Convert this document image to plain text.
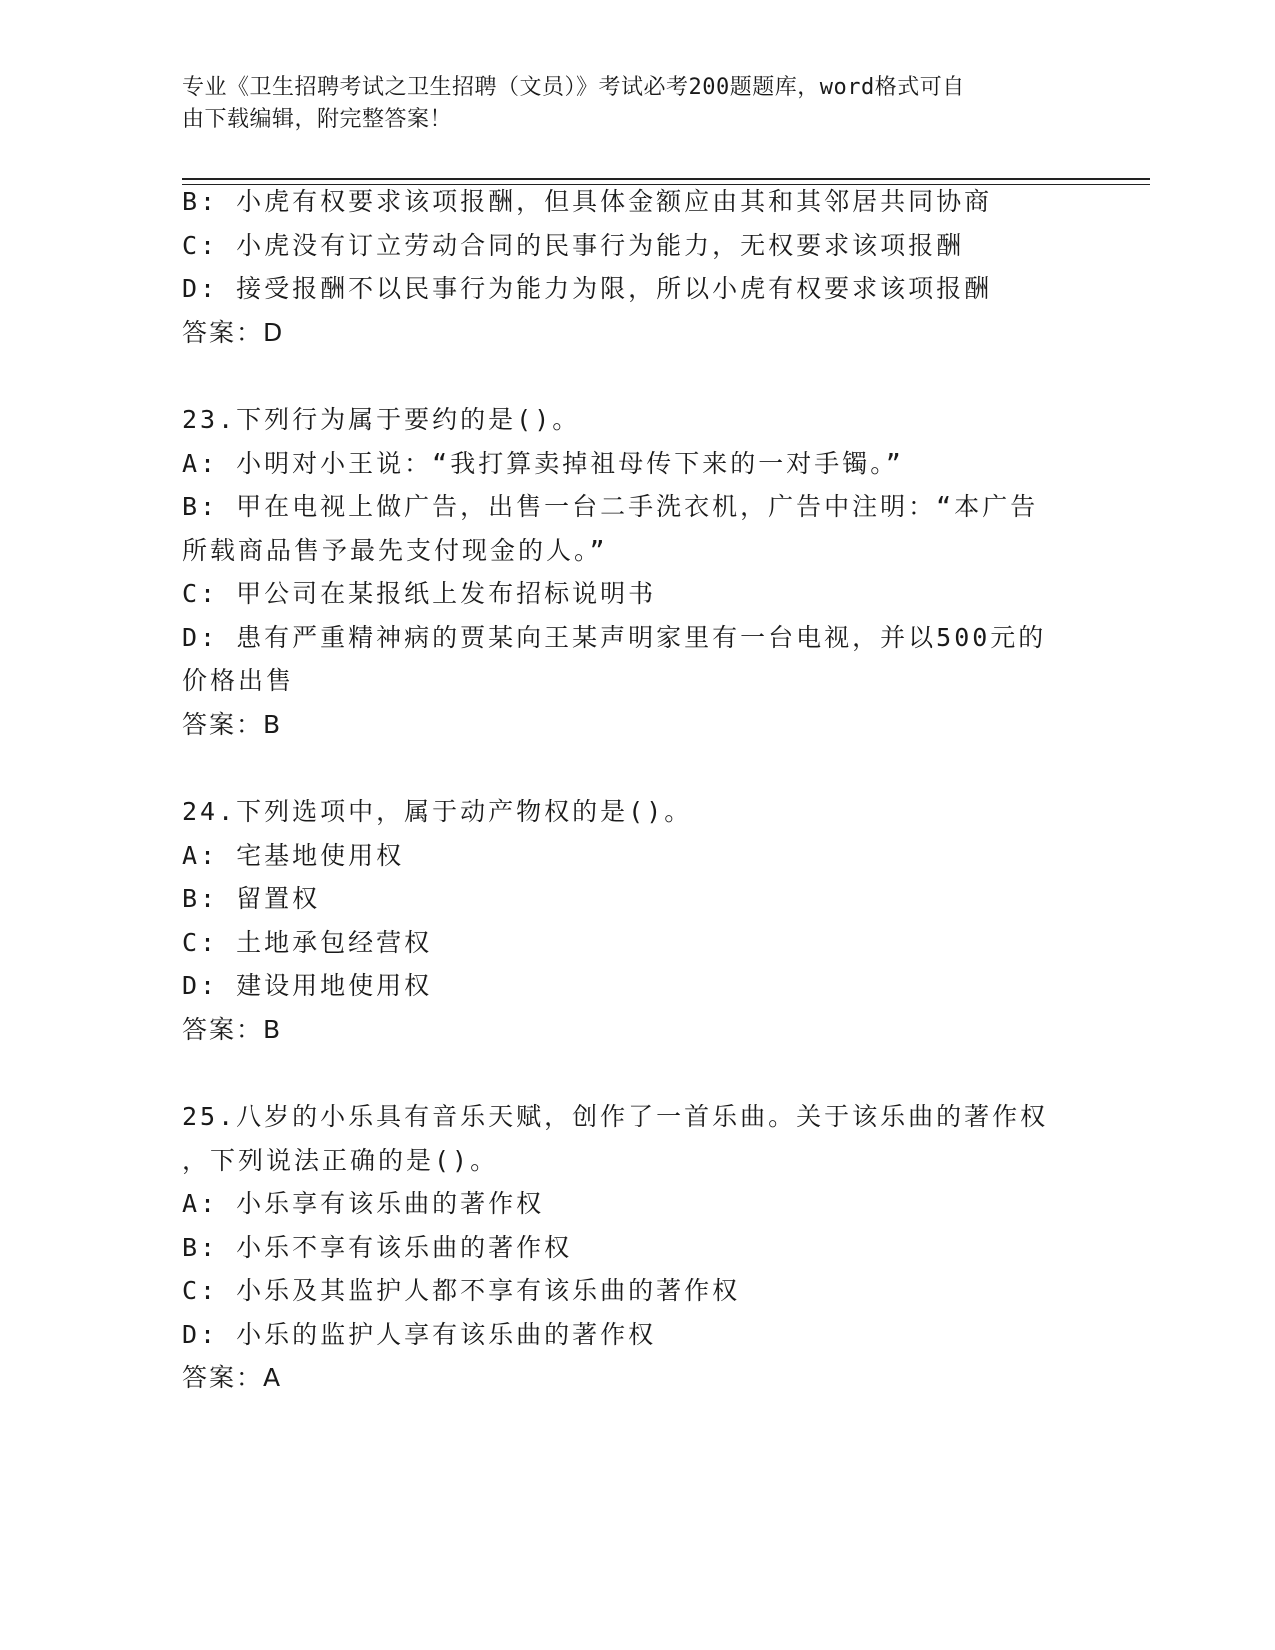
专业《卫生招聘考试之卫生招聘（文员）》考试必考200题题库，word格式可自
由下载编辑，附完整答案！
B: 小虎有权要求该项报酬，但具体金额应由其和其邻居共同协商
C: 小虎没有订立劳动合同的民事行为能力，无权要求该项报酬
D: 接受报酬不以民事行为能力为限，所以小虎有权要求该项报酬
答案：D
23.下列行为属于要约的是()。
A: 小明对小王说：“我打算卖掉祖母传下来的一对手镯。”
B: 甲在电视上做广告，出售一台二手洗衣机，广告中注明：“本广告
所载商品售予最先支付现金的人。”
C: 甲公司在某报纸上发布招标说明书
D: 患有严重精神病的贾某向王某声明家里有一台电视，并以500元的
价格出售
答案：B
24.下列选项中，属于动产物权的是()。
A: 宅基地使用权
B: 留置权
C: 土地承包经营权
D: 建设用地使用权
答案：B
25.八岁的小乐具有音乐天赋，创作了一首乐曲。关于该乐曲的著作权
，下列说法正确的是()。
A: 小乐享有该乐曲的著作权
B: 小乐不享有该乐曲的著作权
C: 小乐及其监护人都不享有该乐曲的著作权
D: 小乐的监护人享有该乐曲的著作权
答案：A
